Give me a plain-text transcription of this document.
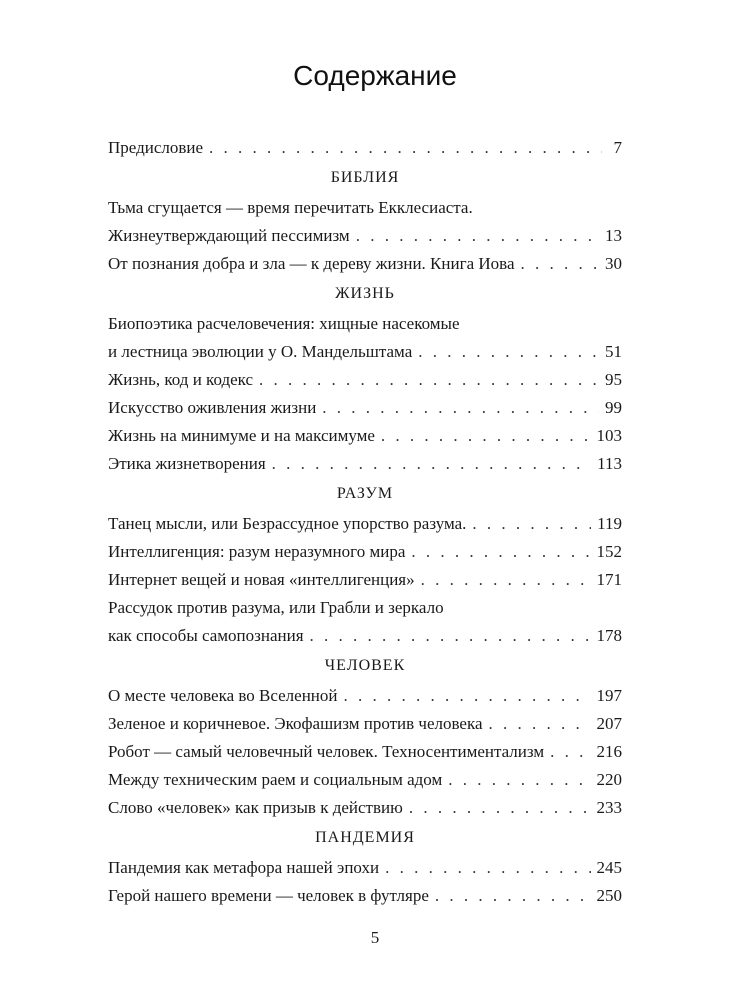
Содержание
Предисловие . . .	7
БИБЛИЯ
Тьма сгущается — время перечитать Екклесиаста.
Жизнеутверждающий пессимизм . . .	13
От познания добра и зла — к дереву жизни. Книга Иова . . .	30
ЖИЗНЬ
Биопоэтика расчеловечения: хищные насекомые
и лестница эволюции у О. Мандельштама . . .	51
Жизнь, код и кодекс . . .	95
Искусство оживления жизни . . .	99
Жизнь на минимуме и на максимуме . . .	103
Этика жизнетворения . . .	113
РАЗУМ
Танец мысли, или Безрассудное упорство разума. . . .	119
Интеллигенция: разум неразумного мира . . .	152
Интернет вещей и новая «интеллигенция» . . .	171
Рассудок против разума, или Грабли и зеркало
как способы самопознания . . .	178
ЧЕЛОВЕК
О месте человека во Вселенной . . .	197
Зеленое и коричневое. Экофашизм против человека . . .	207
Робот — самый человечный человек. Техносентиментализм . . .	216
Между техническим раем и социальным адом . . .	220
Слово «человек» как призыв к действию . . .	233
ПАНДЕМИЯ
Пандемия как метафора нашей эпохи . . .	245
Герой нашего времени — человек в футляре . . .	250
5
